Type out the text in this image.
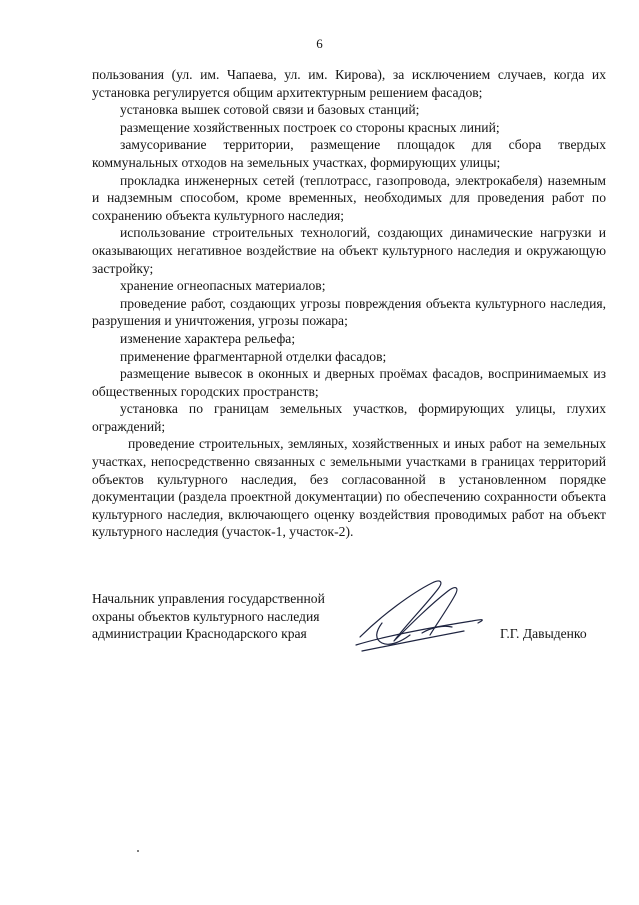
6

пользования (ул. им. Чапаева, ул. им. Кирова), за исключением случаев, когда их установка регулируется общим архитектурным решением фасадов;

установка вышек сотовой связи и базовых станций;

размещение хозяйственных построек со стороны красных линий;

замусоривание территории, размещение площадок для сбора твердых коммунальных отходов на земельных участках, формирующих улицы;

прокладка инженерных сетей (теплотрасс, газопровода, электрокабеля) наземным и надземным способом, кроме временных, необходимых для проведения работ по сохранению объекта культурного наследия;

использование строительных технологий, создающих динамические нагрузки и оказывающих негативное воздействие на объект культурного наследия и окружающую застройку;

хранение огнеопасных материалов;

проведение работ, создающих угрозы повреждения объекта культурного наследия, разрушения и уничтожения, угрозы пожара;

изменение характера рельефа;

применение фрагментарной отделки фасадов;

размещение вывесок в оконных и дверных проёмах фасадов, воспринимаемых из общественных городских пространств;

установка по границам земельных участков, формирующих улицы, глухих ограждений;

проведение строительных, земляных, хозяйственных и иных работ на земельных участках, непосредственно связанных с земельными участками в границах территорий объектов культурного наследия, без согласованной в установленном порядке документации (раздела проектной документации) по обеспечению сохранности объекта культурного наследия, включающего оценку воздействия проводимых работ на объект культурного наследия (участок-1, участок-2).

Начальник управления государственной
охраны объектов культурного наследия
администрации Краснодарского края	Г.Г. Давыденко
